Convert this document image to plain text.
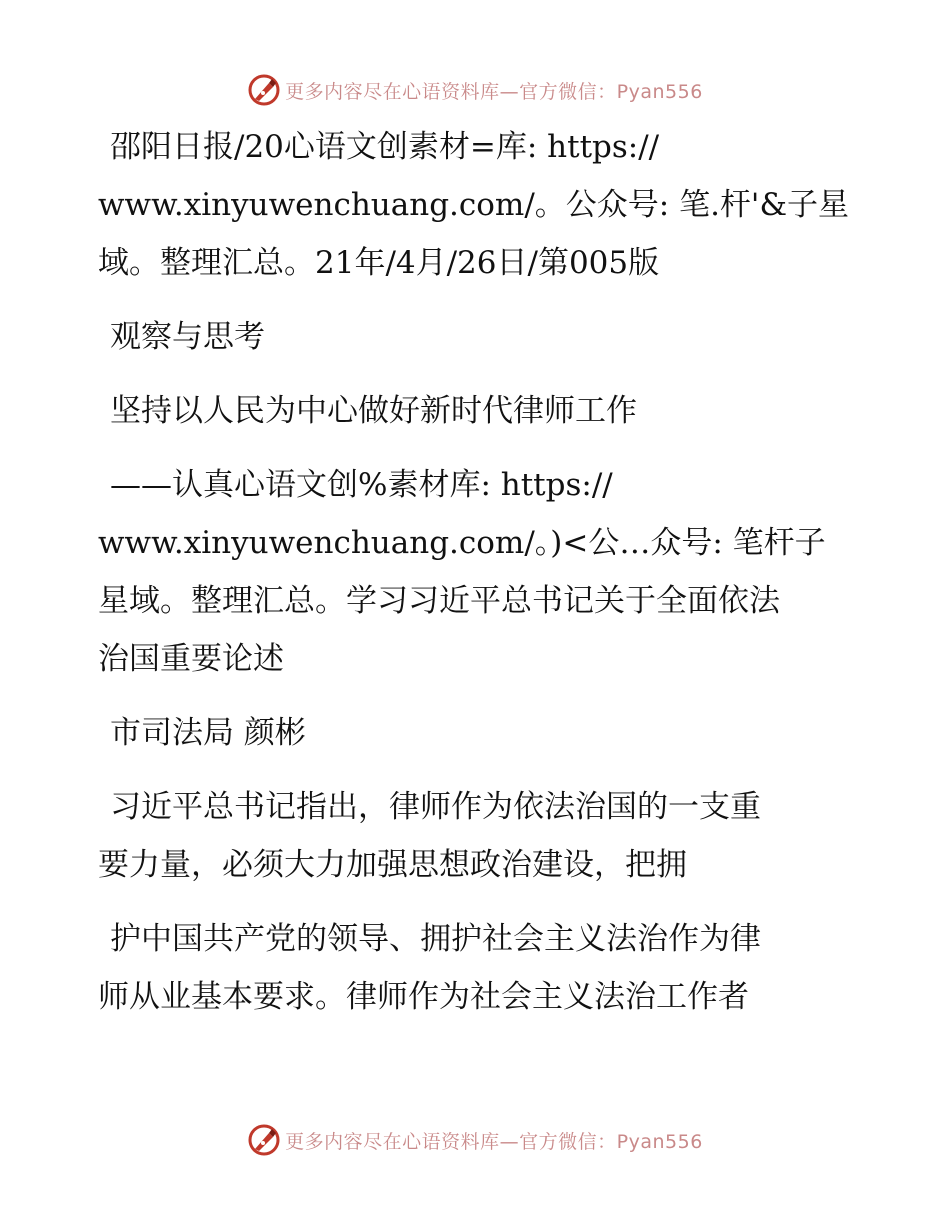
更多内容尽在心语资料库—官方微信：Pyan556
邵阳日报/20心语文创素材=库: https://
www.xinyuwenchuang.com/。公众号: 笔.杆'&子星
域。整理汇总。21年/4月/26日/第005版
观察与思考
坚持以人民为中心做好新时代律师工作
——认真心语文创%素材库: https://
www.xinyuwenchuang.com/。)<公…众号: 笔杆子
星域。整理汇总。学习习近平总书记关于全面依法
治国重要论述
市司法局 颜彬
习近平总书记指出，律师作为依法治国的一支重
要力量，必须大力加强思想政治建设，把拥
护中国共产党的领导、拥护社会主义法治作为律
师从业基本要求。律师作为社会主义法治工作者
更多内容尽在心语资料库—官方微信：Pyan556
